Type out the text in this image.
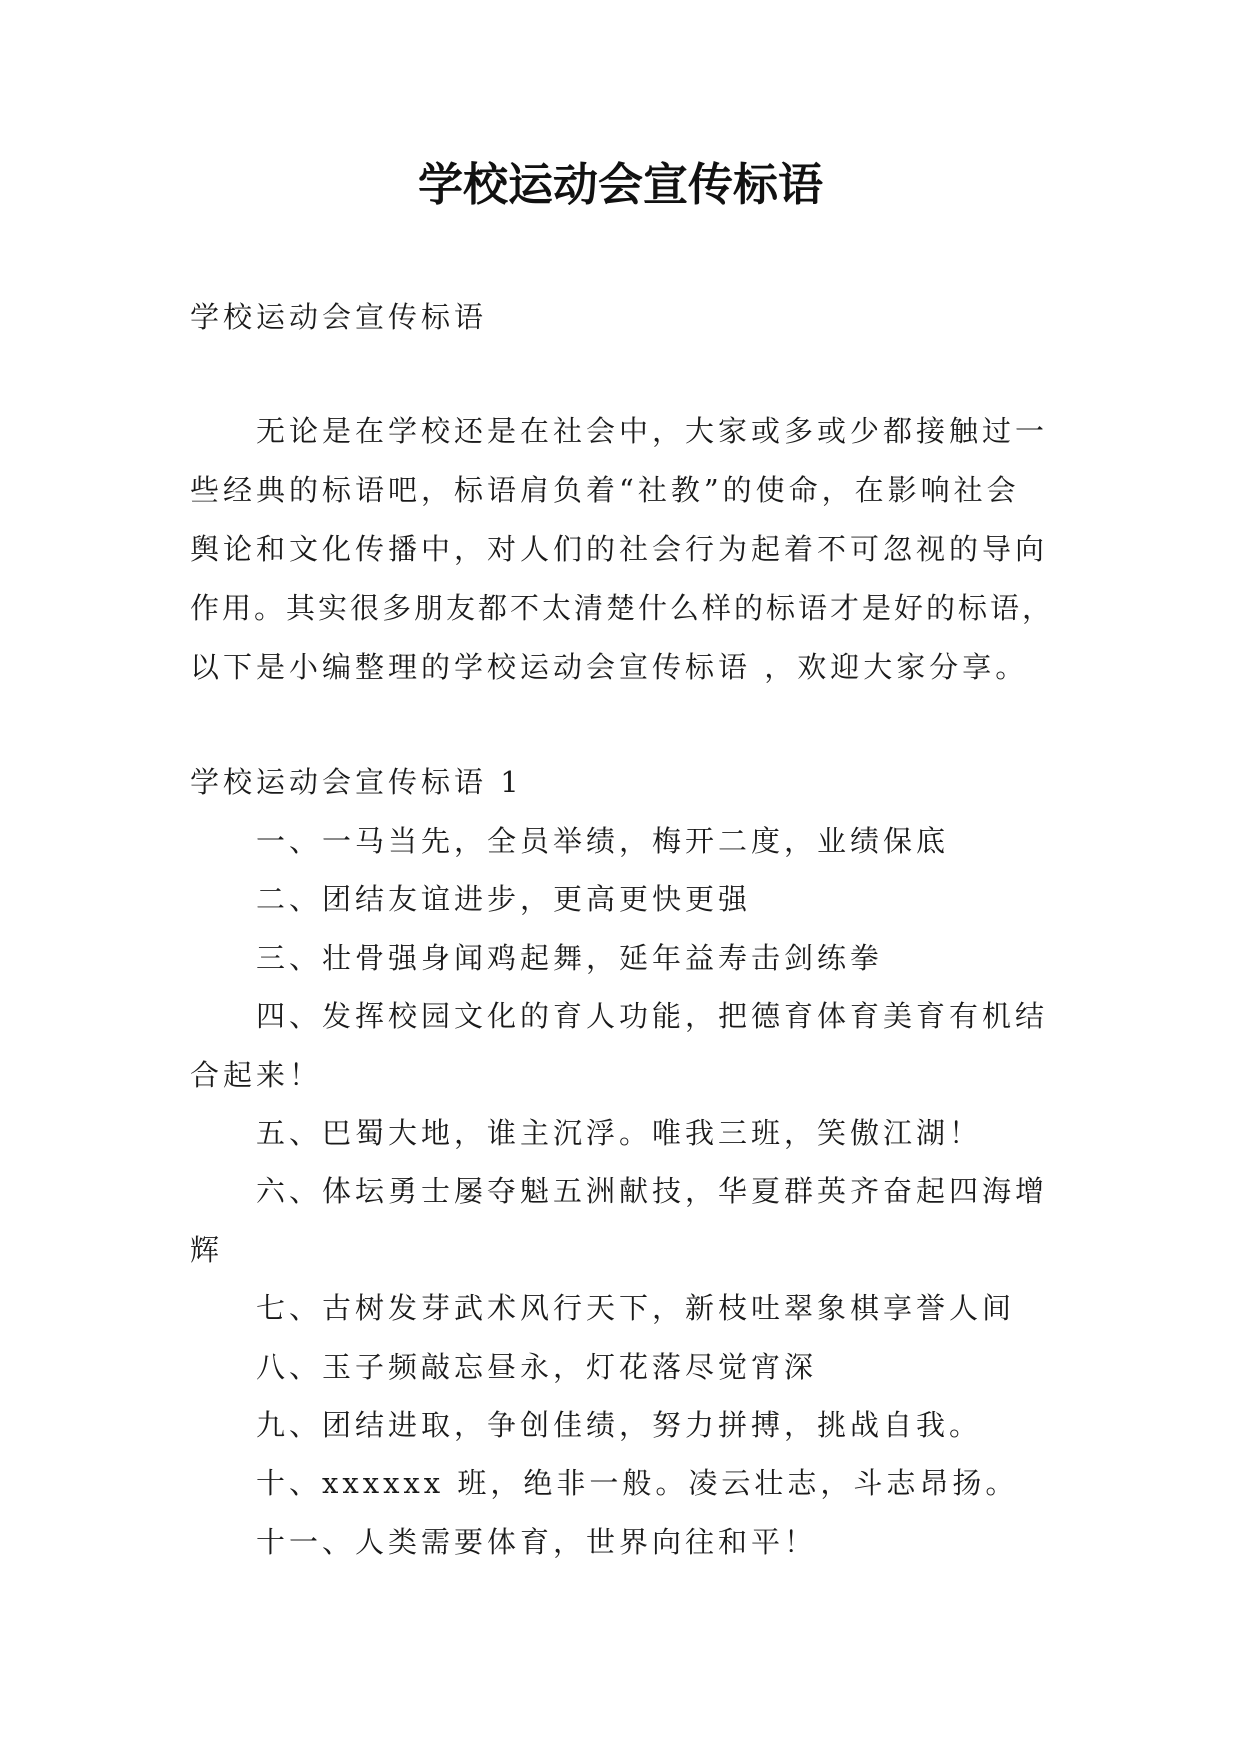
学校运动会宣传标语
学校运动会宣传标语

无论是在学校还是在社会中，大家或多或少都接触过一
些经典的标语吧，标语肩负着“社教”的使命，在影响社会
舆论和文化传播中，对人们的社会行为起着不可忽视的导向
作用。其实很多朋友都不太清楚什么样的标语才是好的标语，
以下是小编整理的学校运动会宣传标语 ，欢迎大家分享。

学校运动会宣传标语 1
一、一马当先，全员举绩，梅开二度，业绩保底
二、团结友谊进步，更高更快更强
三、壮骨强身闻鸡起舞，延年益寿击剑练拳
四、发挥校园文化的育人功能，把德育体育美育有机结合起来！
五、巴蜀大地，谁主沉浮。唯我三班，笑傲江湖！
六、体坛勇士屡夺魁五洲献技，华夏群英齐奋起四海增辉
七、古树发芽武术风行天下，新枝吐翠象棋享誉人间
八、玉子频敲忘昼永，灯花落尽觉宵深
九、团结进取，争创佳绩，努力拼搏，挑战自我。
十、xxxxxx 班，绝非一般。凌云壮志，斗志昂扬。
十一、人类需要体育，世界向往和平！
